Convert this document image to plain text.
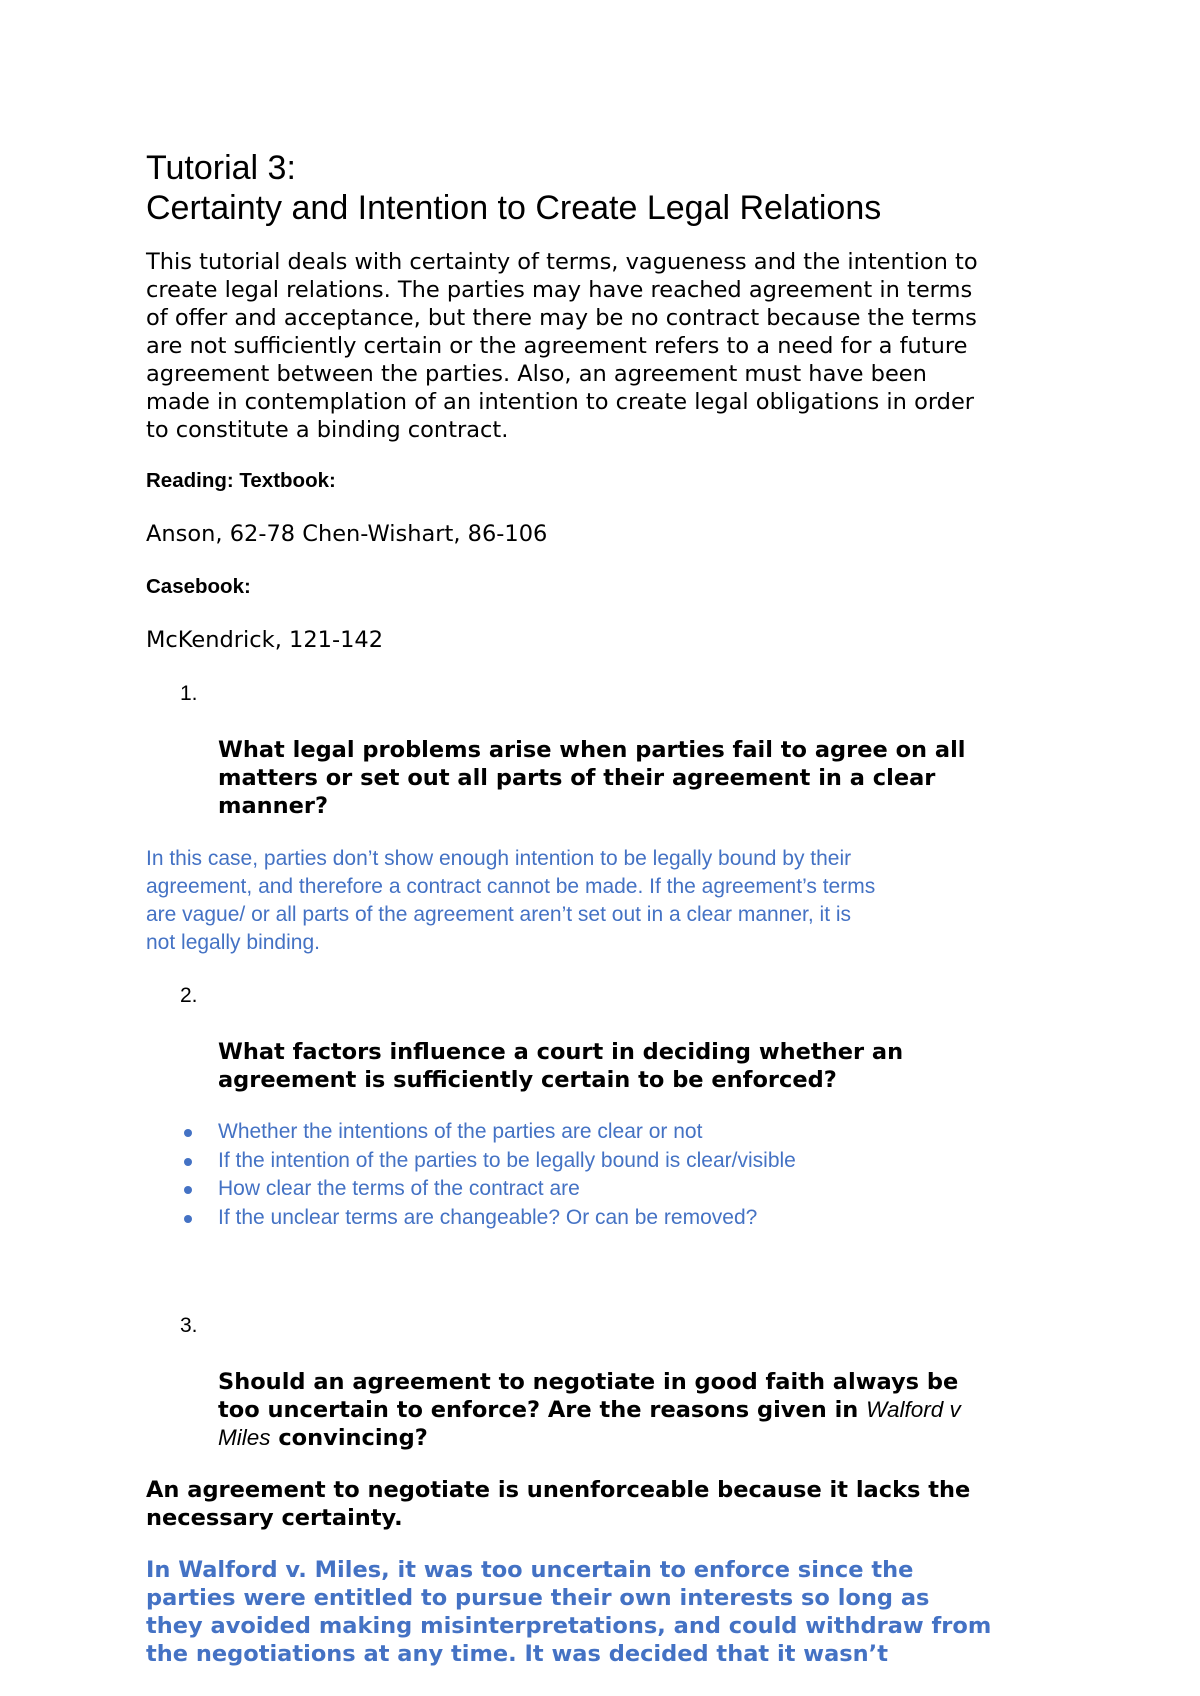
Tutorial 3:
Certainty and Intention to Create Legal Relations

This tutorial deals with certainty of terms, vagueness and the intention to
create legal relations. The parties may have reached agreement in terms
of offer and acceptance, but there may be no contract because the terms
are not sufficiently certain or the agreement refers to a need for a future
agreement between the parties. Also, an agreement must have been
made in contemplation of an intention to create legal obligations in order
to constitute a binding contract.

Reading: Textbook:

Anson, 62-78 Chen-Wishart, 86-106

Casebook:

McKendrick, 121-142

1.

What legal problems arise when parties fail to agree on all
matters or set out all parts of their agreement in a clear
manner?

In this case, parties don’t show enough intention to be legally bound by their
agreement, and therefore a contract cannot be made. If the agreement’s terms
are vague/ or all parts of the agreement aren’t set out in a clear manner, it is
not legally binding.

2.

What factors influence a court in deciding whether an
agreement is sufficiently certain to be enforced?

Whether the intentions of the parties are clear or not
If the intention of the parties to be legally bound is clear/visible
How clear the terms of the contract are
If the unclear terms are changeable? Or can be removed?

3.

Should an agreement to negotiate in good faith always be
too uncertain to enforce? Are the reasons given in Walford v
Miles convincing?

An agreement to negotiate is unenforceable because it lacks the
necessary certainty.

In Walford v. Miles, it was too uncertain to enforce since the
parties were entitled to pursue their own interests so long as
they avoided making misinterpretations, and could withdraw from
the negotiations at any time. It was decided that it wasn’t
